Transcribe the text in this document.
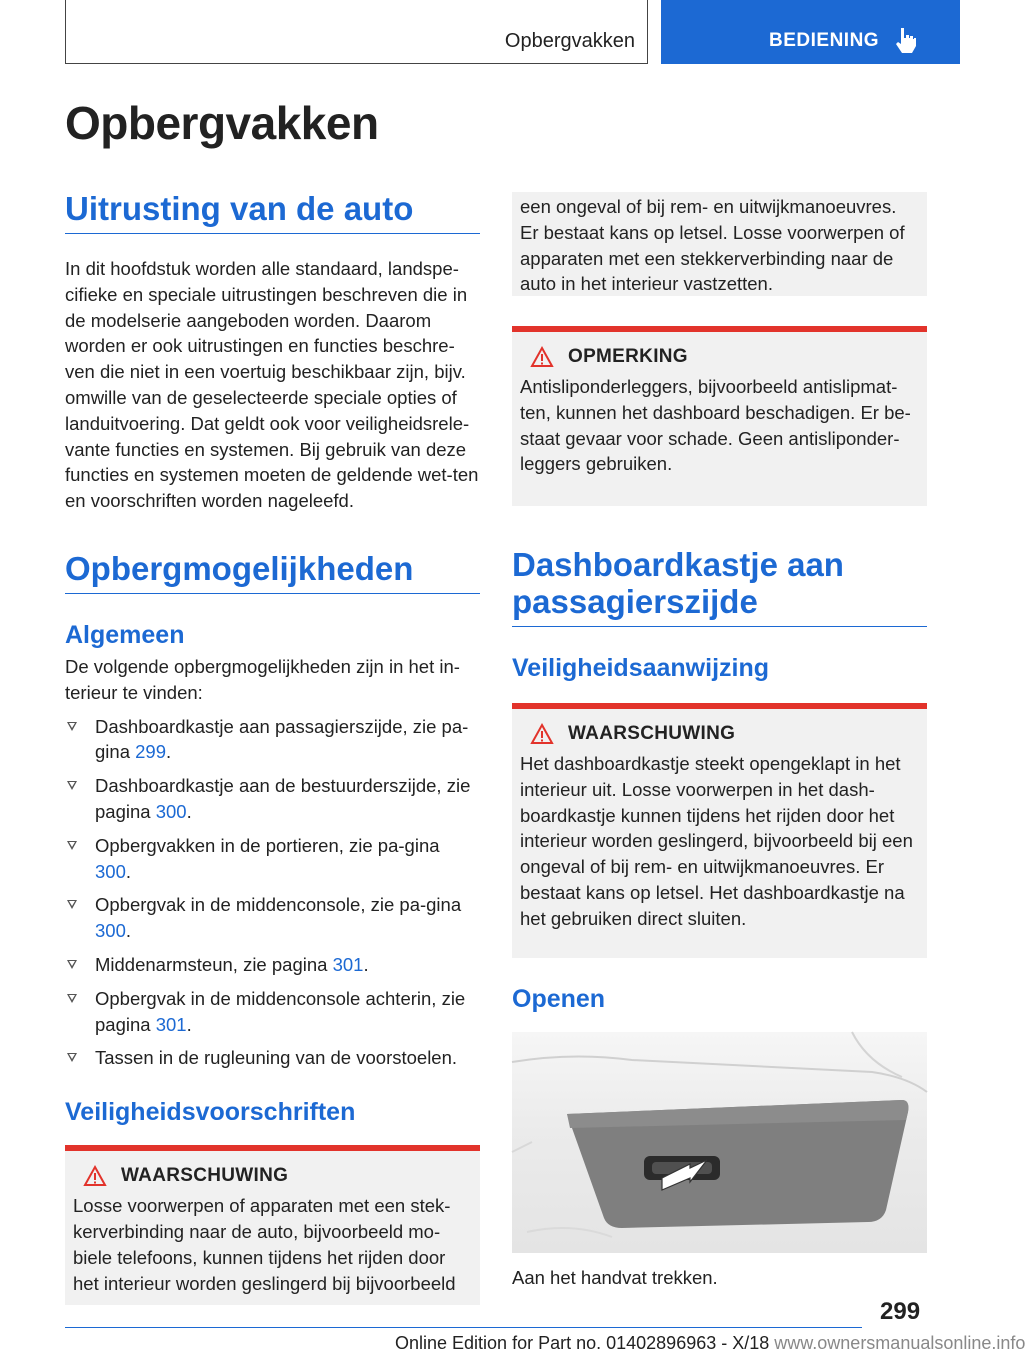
Opbergvakken	BEDIENING
Opbergvakken
Uitrusting van de auto

In dit hoofdstuk worden alle standaard, landspe-cifieke en speciale uitrustingen beschreven die in de modelserie aangeboden worden. Daarom worden er ook uitrustingen en functies beschre-ven die niet in een voertuig beschikbaar zijn, bijv. omwille van de geselecteerde speciale opties of landuitvoering. Dat geldt ook voor veiligheidsrele-vante functies en systemen. Bij gebruik van deze functies en systemen moeten de geldende wet-ten en voorschriften worden nageleefd.

Opbergmogelijkheden
Algemeen

De volgende opbergmogelijkheden zijn in het in-terieur te vinden:

Dashboardkastje aan passagierszijde, zie pa-gina 299.
Dashboardkastje aan de bestuurderszijde, zie pagina 300.
Opbergvakken in de portieren, zie pa-gina 300.
Opbergvak in de middenconsole, zie pa-gina 300.
Middenarmsteun, zie pagina 301.
Opbergvak in de middenconsole achterin, zie pagina 301.
Tassen in de rugleuning van de voorstoelen.
Veiligheidsvoorschriften
WAARSCHUWING

Losse voorwerpen of apparaten met een stek-kerverbinding naar de auto, bijvoorbeeld mo-biele telefoons, kunnen tijdens het rijden door het interieur worden geslingerd bij bijvoorbeeld

een ongeval of bij rem- en uitwijkmanoeuvres. Er bestaat kans op letsel. Losse voorwerpen of apparaten met een stekkerverbinding naar de auto in het interieur vastzetten.

OPMERKING

Antisliponderleggers, bijvoorbeeld antislipmat-ten, kunnen het dashboard beschadigen. Er be-staat gevaar voor schade. Geen antisliponder-leggers gebruiken.

Dashboardkastje aan passagierszijde
Veiligheidsaanwijzing
WAARSCHUWING

Het dashboardkastje steekt opengeklapt in het interieur uit. Losse voorwerpen in het dash-boardkastje kunnen tijdens het rijden door het interieur worden geslingerd, bijvoorbeeld bij een ongeval of bij rem- en uitwijkmanoeuvres. Er bestaat kans op letsel. Het dashboardkastje na het gebruiken direct sluiten.

Openen

Aan het handvat trekken.

299
Online Edition for Part no. 01402896963 - X/18 www.ownersmanualsonline.info
